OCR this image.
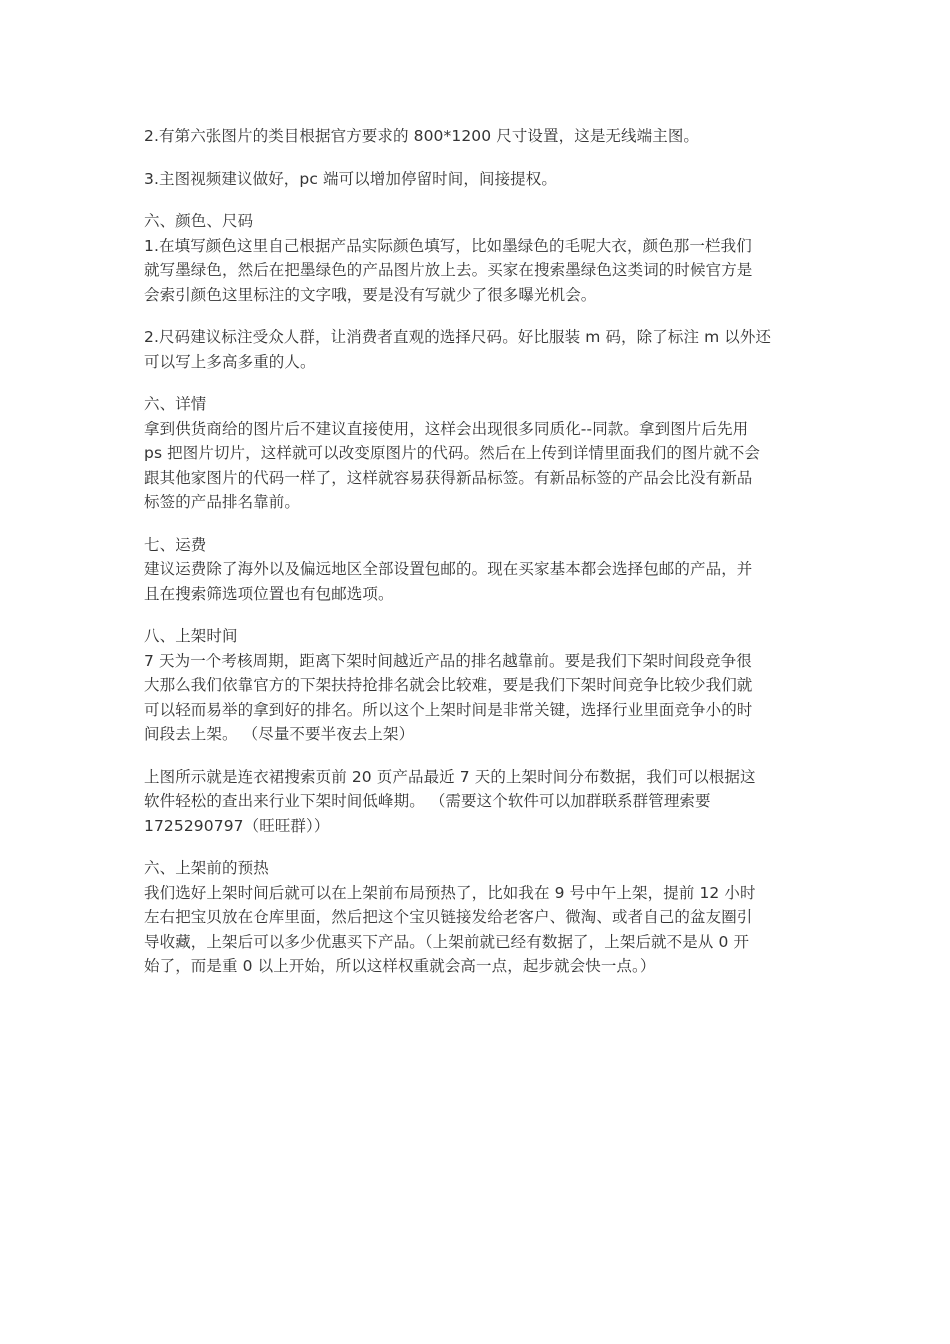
2.有第六张图片的类目根据官方要求的 800*1200 尺寸设置，这是无线端主图。
3.主图视频建议做好，pc 端可以增加停留时间，间接提权。
六、颜色、尺码
1.在填写颜色这里自己根据产品实际颜色填写，比如墨绿色的毛呢大衣，颜色那一栏我们
就写墨绿色，然后在把墨绿色的产品图片放上去。买家在搜索墨绿色这类词的时候官方是
会索引颜色这里标注的文字哦，要是没有写就少了很多曝光机会。
2.尺码建议标注受众人群，让消费者直观的选择尺码。好比服装 m 码，除了标注 m 以外还
可以写上多高多重的人。
六、详情
拿到供货商给的图片后不建议直接使用，这样会出现很多同质化--同款。拿到图片后先用
ps 把图片切片，这样就可以改变原图片的代码。然后在上传到详情里面我们的图片就不会
跟其他家图片的代码一样了，这样就容易获得新品标签。有新品标签的产品会比没有新品
标签的产品排名靠前。
七、运费
建议运费除了海外以及偏远地区全部设置包邮的。现在买家基本都会选择包邮的产品，并
且在搜索筛选项位置也有包邮选项。
八、上架时间
7 天为一个考核周期，距离下架时间越近产品的排名越靠前。要是我们下架时间段竞争很
大那么我们依靠官方的下架扶持抢排名就会比较难，要是我们下架时间竞争比较少我们就
可以轻而易举的拿到好的排名。所以这个上架时间是非常关键，选择行业里面竞争小的时
间段去上架。 （尽量不要半夜去上架）
上图所示就是连衣裙搜索页前 20 页产品最近 7 天的上架时间分布数据，我们可以根据这
软件轻松的查出来行业下架时间低峰期。 （需要这个软件可以加群联系群管理索要
1725290797（旺旺群））
六、上架前的预热
我们选好上架时间后就可以在上架前布局预热了，比如我在 9 号中午上架，提前 12 小时
左右把宝贝放在仓库里面，然后把这个宝贝链接发给老客户、微淘、或者自己的盆友圈引
导收藏，上架后可以多少优惠买下产品。（上架前就已经有数据了，上架后就不是从 0 开
始了，而是重 0 以上开始，所以这样权重就会高一点，起步就会快一点。）
